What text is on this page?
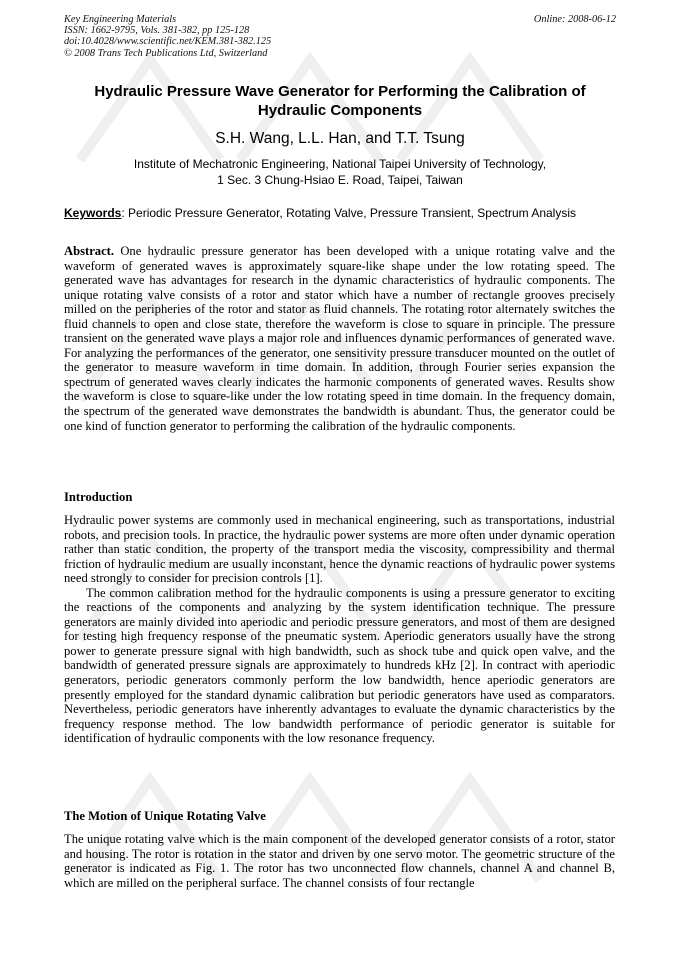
Key Engineering Materials
ISSN: 1662-9795, Vols. 381-382, pp 125-128
doi:10.4028/www.scientific.net/KEM.381-382.125
© 2008 Trans Tech Publications Ltd, Switzerland
Online: 2008-06-12
Hydraulic Pressure Wave Generator for Performing the Calibration of Hydraulic Components
S.H. Wang, L.L. Han, and T.T. Tsung
Institute of Mechatronic Engineering, National Taipei University of Technology,
1 Sec. 3 Chung-Hsiao E. Road, Taipei, Taiwan
Keywords: Periodic Pressure Generator, Rotating Valve, Pressure Transient, Spectrum Analysis

Abstract. One hydraulic pressure generator has been developed with a unique rotating valve and the waveform of generated waves is approximately square-like shape under the low rotating speed. The generated wave has advantages for research in the dynamic characteristics of hydraulic components. The unique rotating valve consists of a rotor and stator which have a number of rectangle grooves precisely milled on the peripheries of the rotor and stator as fluid channels. The rotating rotor alternately switches the fluid channels to open and close state, therefore the waveform is close to square in principle. The pressure transient on the generated wave plays a major role and influences dynamic performances of generated wave. For analyzing the performances of the generator, one sensitivity pressure transducer mounted on the outlet of the generator to measure waveform in time domain. In addition, through Fourier series expansion the spectrum of generated waves clearly indicates the harmonic components of generated waves. Results show the waveform is close to square-like under the low rotating speed in time domain. In the frequency domain, the spectrum of the generated wave demonstrates the bandwidth is abundant. Thus, the generator could be one kind of function generator to performing the calibration of the hydraulic components.

Introduction

Hydraulic power systems are commonly used in mechanical engineering, such as transportations, industrial robots, and precision tools. In practice, the hydraulic power systems are more often under dynamic operation rather than static condition, the property of the transport media the viscosity, compressibility and thermal friction of hydraulic medium are usually inconstant, hence the dynamic reactions of hydraulic power systems need strongly to consider for precision controls [1].

The common calibration method for the hydraulic components is using a pressure generator to exciting the reactions of the components and analyzing by the system identification technique. The pressure generators are mainly divided into aperiodic and periodic pressure generators, and most of them are designed for testing high frequency response of the pneumatic system. Aperiodic generators usually have the strong power to generate pressure signal with high bandwidth, such as shock tube and quick open valve, and the bandwidth of generated pressure signals are approximately to hundreds kHz [2]. In contract with aperiodic generators, periodic generators commonly perform the low bandwidth, hence aperiodic generators are presently employed for the standard dynamic calibration but periodic generators have used as comparators. Nevertheless, periodic generators have inherently advantages to evaluate the dynamic characteristics by the frequency response method. The low bandwidth performance of periodic generator is suitable for identification of hydraulic components with the low resonance frequency.

The Motion of Unique Rotating Valve

The unique rotating valve which is the main component of the developed generator consists of a rotor, stator and housing. The rotor is rotation in the stator and driven by one servo motor. The geometric structure of the generator is indicated as Fig. 1. The rotor has two unconnected flow channels, channel A and channel B, which are milled on the peripheral surface. The channel consists of four rectangle
